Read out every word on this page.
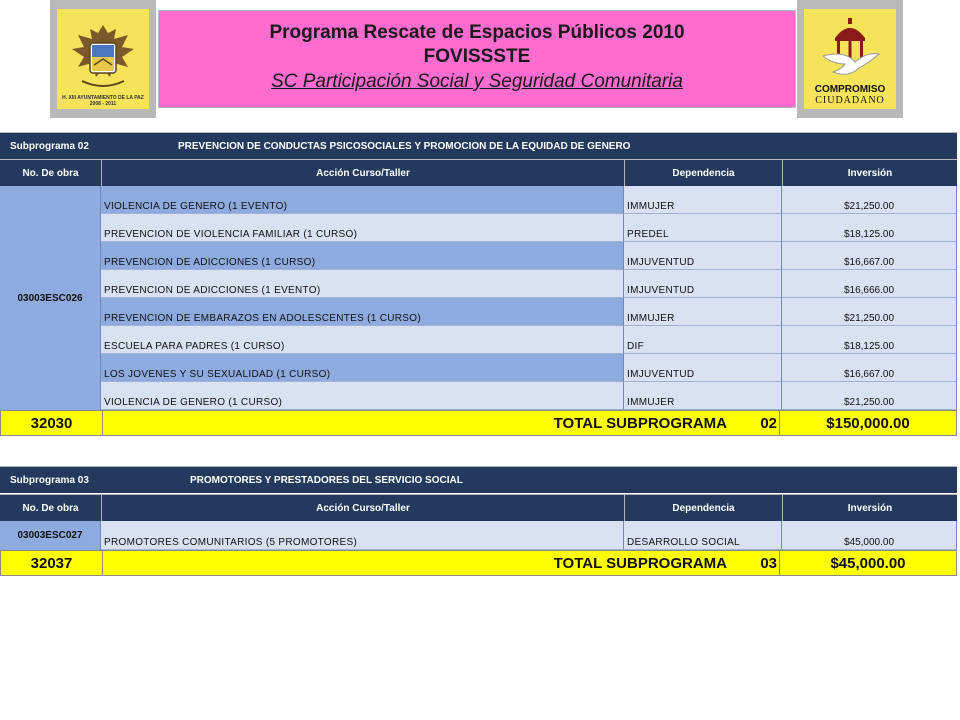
H. XIII AYUNTAMIENTO DE LA PAZ 2008 - 2011
Programa Rescate de Espacios Públicos 2010
FOVISSSTE
SC Participación Social y Seguridad Comunitaria	COMPROMISO
CIUDADANO
Subprograma 02	PREVENCION DE CONDUCTAS PSICOSOCIALES Y PROMOCION DE LA EQUIDAD DE GENERO
No. De obra	Acción Curso/Taller	Dependencia	Inversión
03003ESC026
VIOLENCIA DE GENERO (1 EVENTO)	IMMUJER	$21,250.00
PREVENCION DE VIOLENCIA FAMILIAR (1 CURSO)	PREDEL	$18,125.00
PREVENCION DE ADICCIONES (1 CURSO)	IMJUVENTUD	$16,667.00
PREVENCION DE ADICCIONES (1 EVENTO)	IMJUVENTUD	$16,666.00
PREVENCION DE EMBARAZOS EN ADOLESCENTES (1 CURSO)	IMMUJER	$21,250.00
ESCUELA PARA PADRES (1 CURSO)	DIF	$18,125.00
LOS JOVENES Y SU SEXUALIDAD (1 CURSO)	IMJUVENTUD	$16,667.00
VIOLENCIA DE GENERO (1 CURSO)	IMMUJER	$21,250.00
32030	TOTAL SUBPROGRAMA	02	$150,000.00
Subprograma 03	PROMOTORES Y PRESTADORES DEL SERVICIO SOCIAL
No. De obra	Acción Curso/Taller	Dependencia	Inversión
03003ESC027
PROMOTORES COMUNITARIOS (5 PROMOTORES)	DESARROLLO SOCIAL	$45,000.00
32037	TOTAL SUBPROGRAMA	03	$45,000.00
